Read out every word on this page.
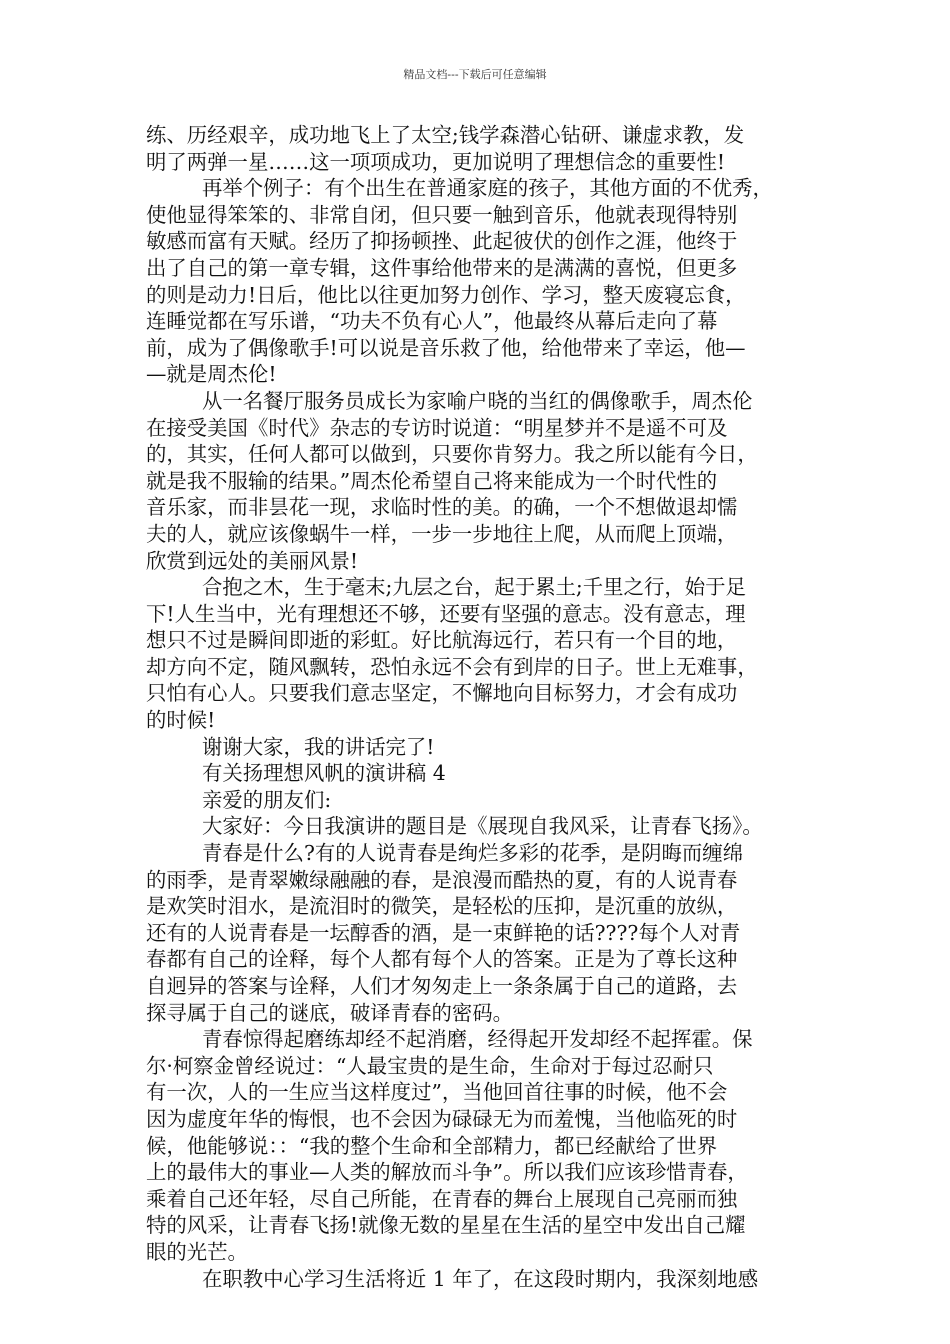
精品文档---下载后可任意编辑

练、历经艰辛，成功地飞上了太空;钱学森潜心钻研、谦虚求教，发

明了两弹一星……这一项项成功，更加说明了理想信念的重要性!

再举个例子：有个出生在普通家庭的孩子，其他方面的不优秀，

使他显得笨笨的、非常自闭，但只要一触到音乐，他就表现得特别

敏感而富有天赋。经历了抑扬顿挫、此起彼伏的创作之涯，他终于

出了自己的第一章专辑，这件事给他带来的是满满的喜悦，但更多

的则是动力!日后，他比以往更加努力创作、学习，整天废寝忘食，

连睡觉都在写乐谱，“功夫不负有心人”，他最终从幕后走向了幕

前，成为了偶像歌手!可以说是音乐救了他，给他带来了幸运，他—

—就是周杰伦!

从一名餐厅服务员成长为家喻户晓的当红的偶像歌手，周杰伦

在接受美国《时代》杂志的专访时说道：“明星梦并不是遥不可及

的，其实，任何人都可以做到，只要你肯努力。我之所以能有今日，

就是我不服输的结果。”周杰伦希望自己将来能成为一个时代性的

音乐家，而非昙花一现，求临时性的美。的确，一个不想做退却懦

夫的人，就应该像蜗牛一样，一步一步地往上爬，从而爬上顶端，

欣赏到远处的美丽风景!

合抱之木，生于毫末;九层之台，起于累土;千里之行，始于足

下!人生当中，光有理想还不够，还要有坚强的意志。没有意志，理

想只不过是瞬间即逝的彩虹。好比航海远行，若只有一个目的地，

却方向不定，随风飘转，恐怕永远不会有到岸的日子。世上无难事，

只怕有心人。只要我们意志坚定，不懈地向目标努力，才会有成功

的时候!

谢谢大家，我的讲话完了!

有关扬理想风帆的演讲稿 4

亲爱的朋友们:

大家好：今日我演讲的题目是《展现自我风采，让青春飞扬》。

青春是什么?有的人说青春是绚烂多彩的花季，是阴晦而缠绵

的雨季，是青翠嫩绿融融的春，是浪漫而酷热的夏，有的人说青春

是欢笑时泪水，是流泪时的微笑，是轻松的压抑，是沉重的放纵，

还有的人说青春是一坛醇香的酒，是一束鲜艳的话????每个人对青

春都有自己的诠释，每个人都有每个人的答案。正是为了尊长这种

自迥异的答案与诠释，人们才匆匆走上一条条属于自己的道路，去

探寻属于自己的谜底，破译青春的密码。

青春惊得起磨练却经不起消磨，经得起开发却经不起挥霍。保

尔·柯察金曾经说过：“人最宝贵的是生命，生命对于每过忍耐只

有一次，人的一生应当这样度过”，当他回首往事的时候，他不会

因为虚度年华的悔恨，也不会因为碌碌无为而羞愧，当他临死的时

候，他能够说：：“我的整个生命和全部精力，都已经献给了世界

上的最伟大的事业—人类的解放而斗争”。所以我们应该珍惜青春，

乘着自己还年轻，尽自己所能，在青春的舞台上展现自己亮丽而独

特的风采，让青春飞扬!就像无数的星星在生活的星空中发出自己耀

眼的光芒。

在职教中心学习生活将近 1 年了，在这段时期内，我深刻地感
